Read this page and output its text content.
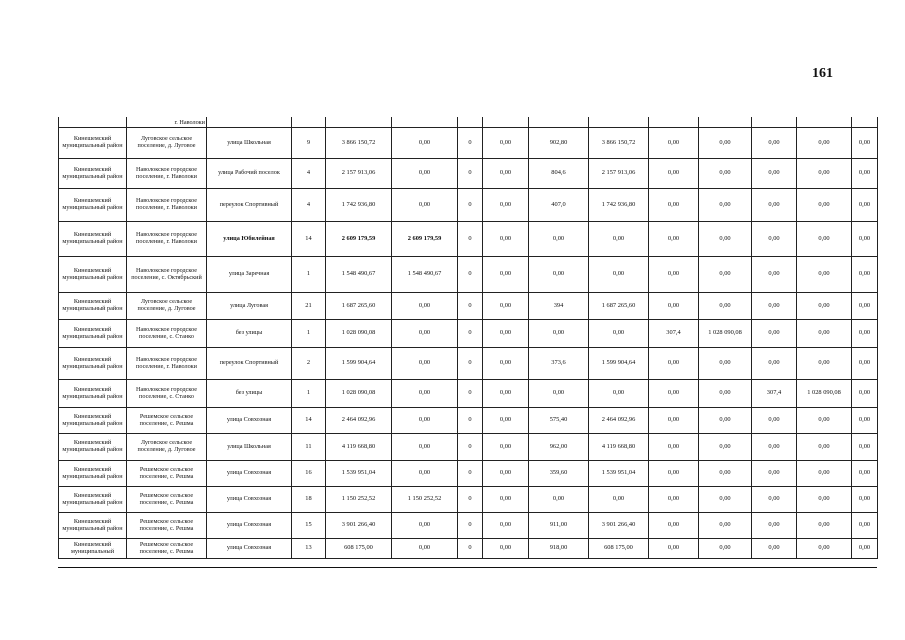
161
	г. Наволоки													
Кинешемский муниципальный район	Луговское сельское поселение, д. Луговое	улица Школьная	9	3 866 150,72	0,00	0	0,00	902,80	3 866 150,72	0,00	0,00	0,00	0,00	0,00
Кинешемский муниципальный район	Наволокское городское поселение, г. Наволоки	улица Рабочий поселок	4	2 157 913,06	0,00	0	0,00	804,6	2 157 913,06	0,00	0,00	0,00	0,00	0,00
Кинешемский муниципальный район	Наволокское городское поселение, г. Наволоки	переулок Спортивный	4	1 742 936,80	0,00	0	0,00	407,0	1 742 936,80	0,00	0,00	0,00	0,00	0,00
Кинешемский муниципальный район	Наволокское городское поселение, г. Наволоки	улица Юбилейная	14	2 609 179,59	2 609 179,59	0	0,00	0,00	0,00	0,00	0,00	0,00	0,00	0,00
Кинешемский муниципальный район	Наволокское городское поселение, с. Октябрьский	улица Заречная	1	1 548 490,67	1 548 490,67	0	0,00	0,00	0,00	0,00	0,00	0,00	0,00	0,00
Кинешемский муниципальный район	Луговское сельское поселение, д. Луговое	улица Луговая	21	1 687 265,60	0,00	0	0,00	394	1 687 265,60	0,00	0,00	0,00	0,00	0,00
Кинешемский муниципальный район	Наволокское городское поселение, с. Станко	без улицы	1	1 028 090,08	0,00	0	0,00	0,00	0,00	307,4	1 028 090,08	0,00	0,00	0,00
Кинешемский муниципальный район	Наволокское городское поселение, г. Наволоки	переулок Спортивный	2	1 599 904,64	0,00	0	0,00	373,6	1 599 904,64	0,00	0,00	0,00	0,00	0,00
Кинешемский муниципальный район	Наволокское городское поселение, с. Станко	без улицы	1	1 028 090,08	0,00	0	0,00	0,00	0,00	0,00	0,00	307,4	1 028 090,08	0,00
Кинешемский муниципальный район	Решемское сельское поселение, с. Решма	улица Совхозная	14	2 464 092,96	0,00	0	0,00	575,40	2 464 092,96	0,00	0,00	0,00	0,00	0,00
Кинешемский муниципальный район	Луговское сельское поселение, д. Луговое	улица Школьная	11	4 119 668,80	0,00	0	0,00	962,00	4 119 668,80	0,00	0,00	0,00	0,00	0,00
Кинешемский муниципальный район	Решемское сельское поселение, с. Решма	улица Совхозная	16	1 539 951,04	0,00	0	0,00	359,60	1 539 951,04	0,00	0,00	0,00	0,00	0,00
Кинешемский муниципальный район	Решемское сельское поселение, с. Решма	улица Совхозная	18	1 150 252,52	1 150 252,52	0	0,00	0,00	0,00	0,00	0,00	0,00	0,00	0,00
Кинешемский муниципальный район	Решемское сельское поселение, с. Решма	улица Совхозная	15	3 901 266,40	0,00	0	0,00	911,00	3 901 266,40	0,00	0,00	0,00	0,00	0,00
Кинешемский муниципальный	Решемское сельское поселение, с. Решма	улица Совхозная	13	608 175,00	0,00	0	0,00	918,00	608 175,00	0,00	0,00	0,00	0,00	0,00
